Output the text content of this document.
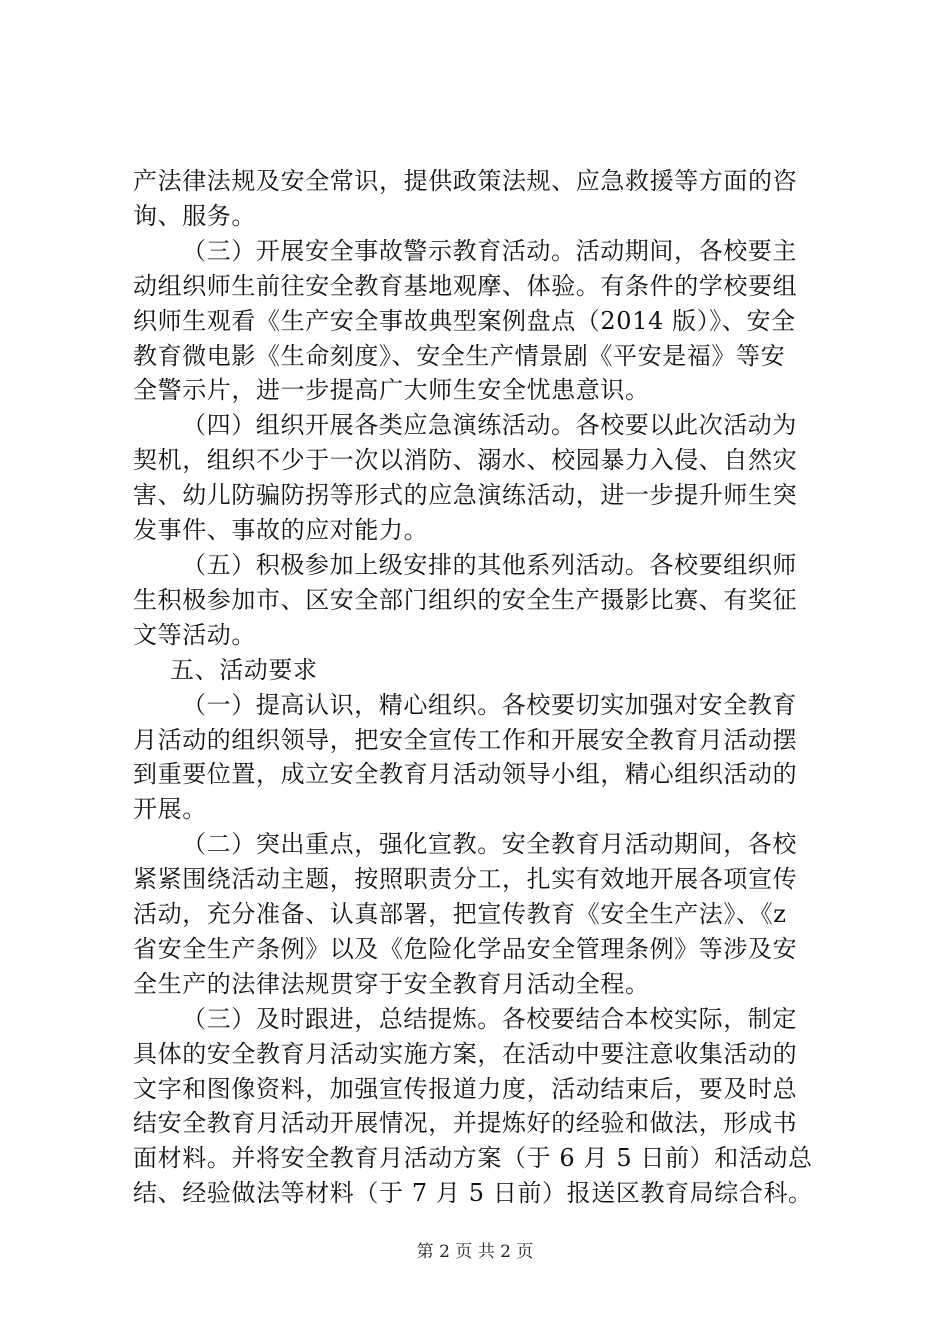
产法律法规及安全常识，提供政策法规、应急救援等方面的咨

询、服务。

（三）开展安全事故警示教育活动。活动期间，各校要主

动组织师生前往安全教育基地观摩、体验。有条件的学校要组

织师生观看《生产安全事故典型案例盘点（2014 版）》、安全

教育微电影《生命刻度》、安全生产情景剧《平安是福》等安

全警示片，进一步提高广大师生安全忧患意识。

（四）组织开展各类应急演练活动。各校要以此次活动为

契机，组织不少于一次以消防、溺水、校园暴力入侵、自然灾

害、幼儿防骗防拐等形式的应急演练活动，进一步提升师生突

发事件、事故的应对能力。

（五）积极参加上级安排的其他系列活动。各校要组织师

生积极参加市、区安全部门组织的安全生产摄影比赛、有奖征

文等活动。

五、活动要求

（一）提高认识，精心组织。各校要切实加强对安全教育

月活动的组织领导，把安全宣传工作和开展安全教育月活动摆

到重要位置，成立安全教育月活动领导小组，精心组织活动的

开展。

（二）突出重点，强化宣教。安全教育月活动期间，各校

紧紧围绕活动主题，按照职责分工，扎实有效地开展各项宣传

活动，充分准备、认真部署，把宣传教育《安全生产法》、《z

省安全生产条例》以及《危险化学品安全管理条例》等涉及安

全生产的法律法规贯穿于安全教育月活动全程。

（三）及时跟进，总结提炼。各校要结合本校实际，制定

具体的安全教育月活动实施方案，在活动中要注意收集活动的

文字和图像资料，加强宣传报道力度，活动结束后，要及时总

结安全教育月活动开展情况，并提炼好的经验和做法，形成书

面材料。并将安全教育月活动方案（于 6 月 5 日前）和活动总

结、经验做法等材料（于 7 月 5 日前）报送区教育局综合科。

第 2 页 共 2 页
